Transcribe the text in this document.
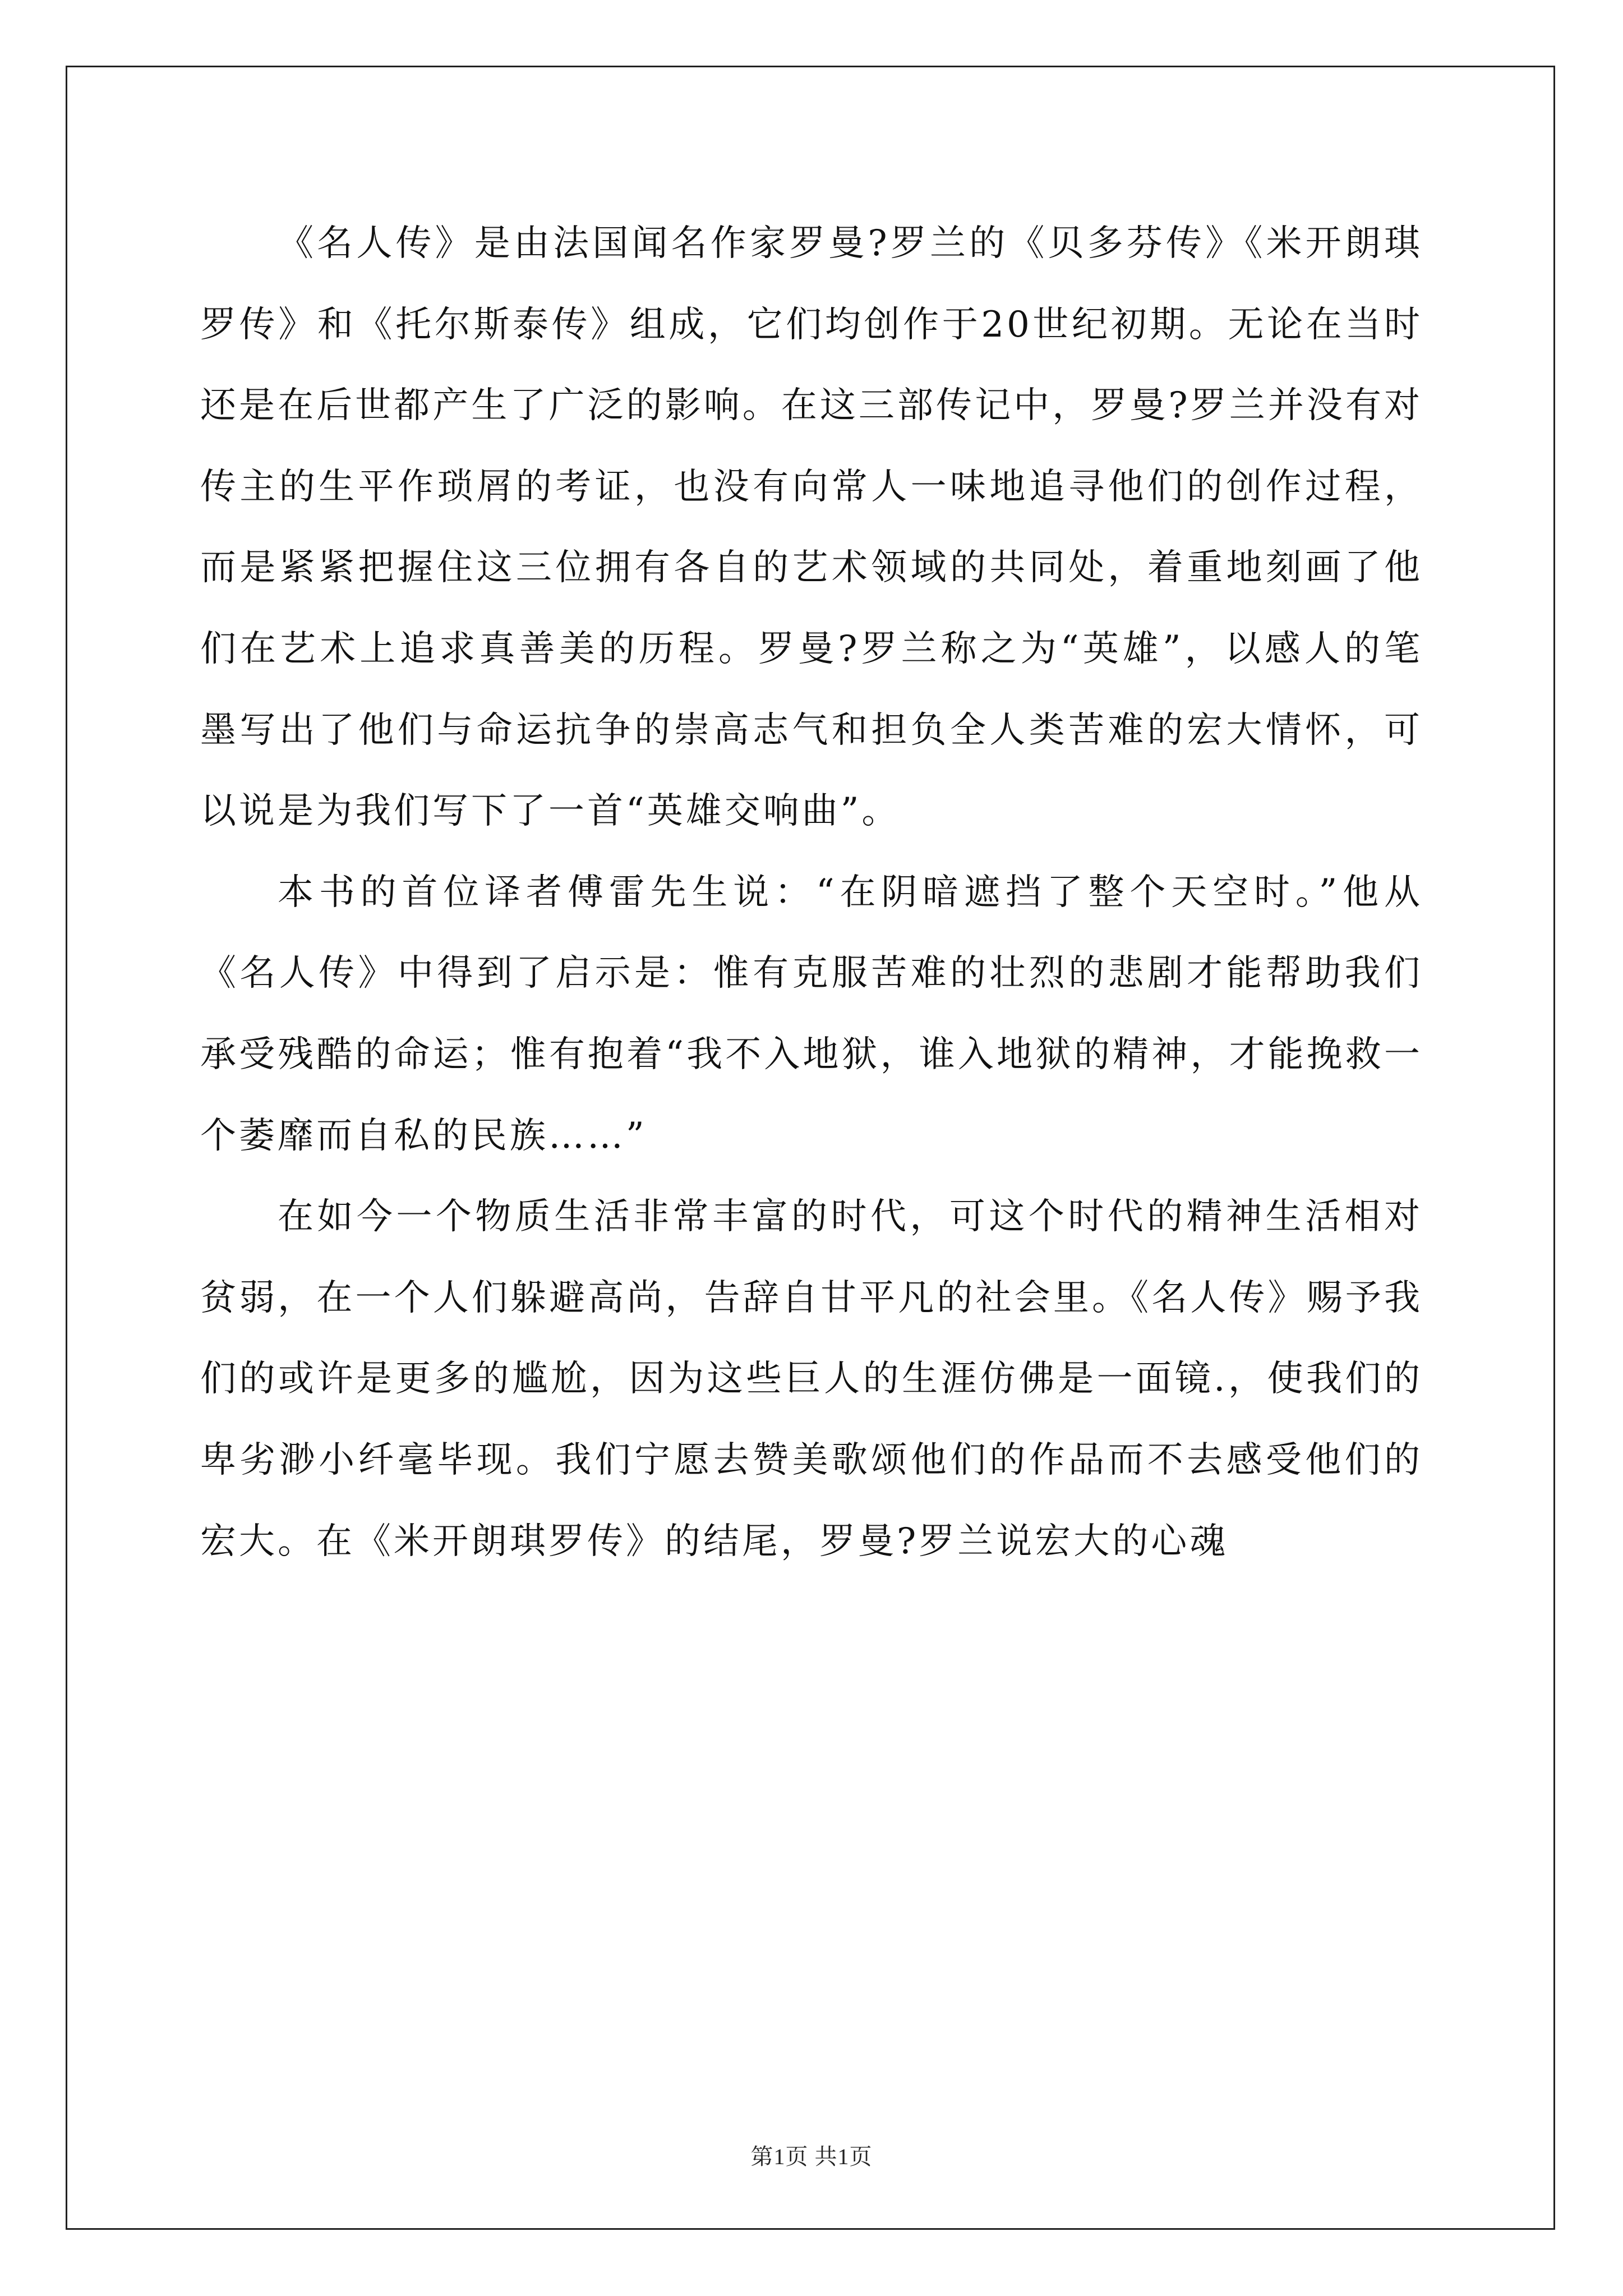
《名人传》是由法国闻名作家罗曼?罗兰的《贝多芬传》《米开朗琪罗传》和《托尔斯泰传》组成，它们均创作于20世纪初期。无论在当时还是在后世都产生了广泛的影响。在这三部传记中，罗曼?罗兰并没有对传主的生平作琐屑的考证，也没有向常人一味地追寻他们的创作过程，而是紧紧把握住这三位拥有各自的艺术领域的共同处，着重地刻画了他们在艺术上追求真善美的历程。罗曼?罗兰称之为“英雄”，以感人的笔墨写出了他们与命运抗争的崇高志气和担负全人类苦难的宏大情怀，可以说是为我们写下了一首“英雄交响曲”。

本书的首位译者傅雷先生说：“在阴暗遮挡了整个天空时。”他从《名人传》中得到了启示是：惟有克服苦难的壮烈的悲剧才能帮助我们承受残酷的命运；惟有抱着“我不入地狱，谁入地狱的精神，才能挽救一个萎靡而自私的民族……”

在如今一个物质生活非常丰富的时代，可这个时代的精神生活相对贫弱，在一个人们躲避高尚，告辞自甘平凡的社会里。《名人传》赐予我们的或许是更多的尴尬，因为这些巨人的生涯仿佛是一面镜.，使我们的卑劣渺小纤毫毕现。我们宁愿去赞美歌颂他们的作品而不去感受他们的宏大。在《米开朗琪罗传》的结尾，罗曼?罗兰说宏大的心魂

第1页 共1页
